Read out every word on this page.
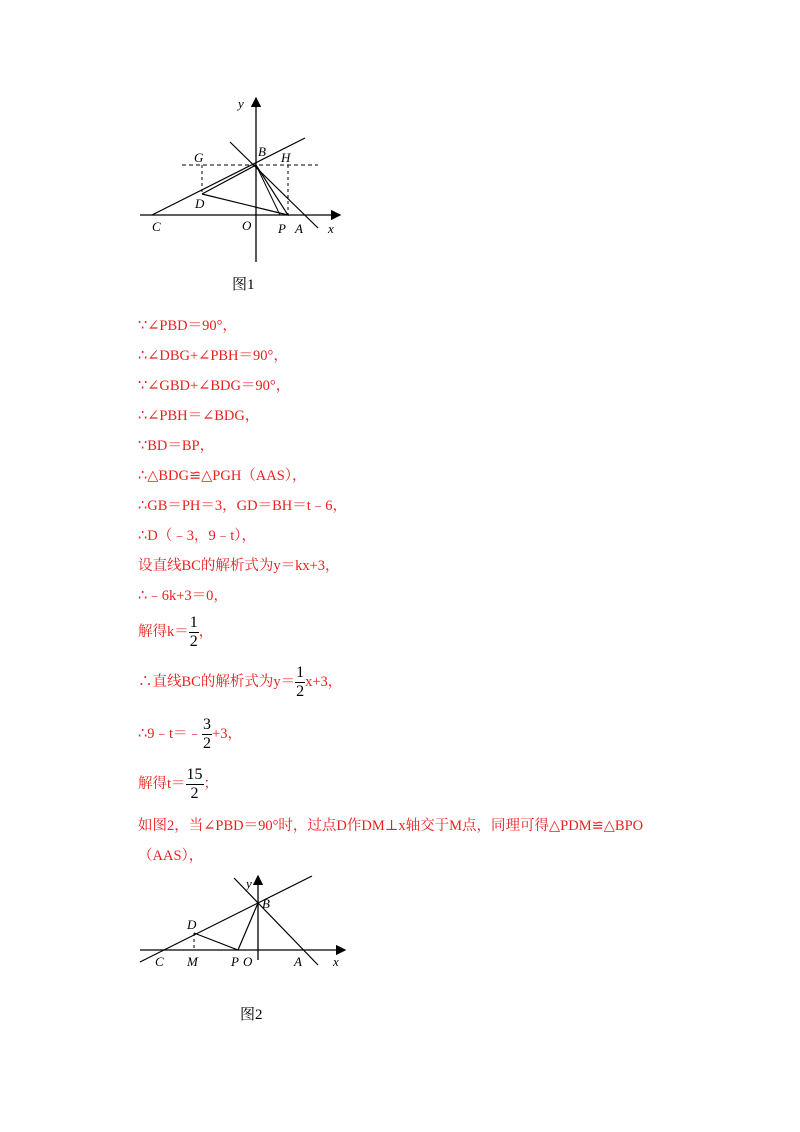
y
G	B H
D
C	O P A x
图1
∵∠PBD＝90°，
∴∠DBG+∠PBH＝90°，
∵∠GBD+∠BDG＝90°，
∴∠PBH＝∠BDG，
∵BD＝BP，
∴△BDG≌△PGH（AAS），
∴GB＝PH＝3，GD＝BH＝t﹣6，
∴D（﹣3，9﹣t），
设直线BC的解析式为y＝kx+3，
∴﹣6k+3＝0，
解得$k= \frac{1}{2}$ ，
∴直线BC的解析式为$y= \frac{1}{2} x+3$，
∴9﹣t＝﹣ $\frac{3}{2} +3$，
解得$t= \frac{15}{2}$ ；
如图2，当∠PBD＝90°时，过点D作DM⊥x轴交于M点，同理可得△PDM≌△BPO
（AAS），
y
B
D
C M	P O	A x
图2
